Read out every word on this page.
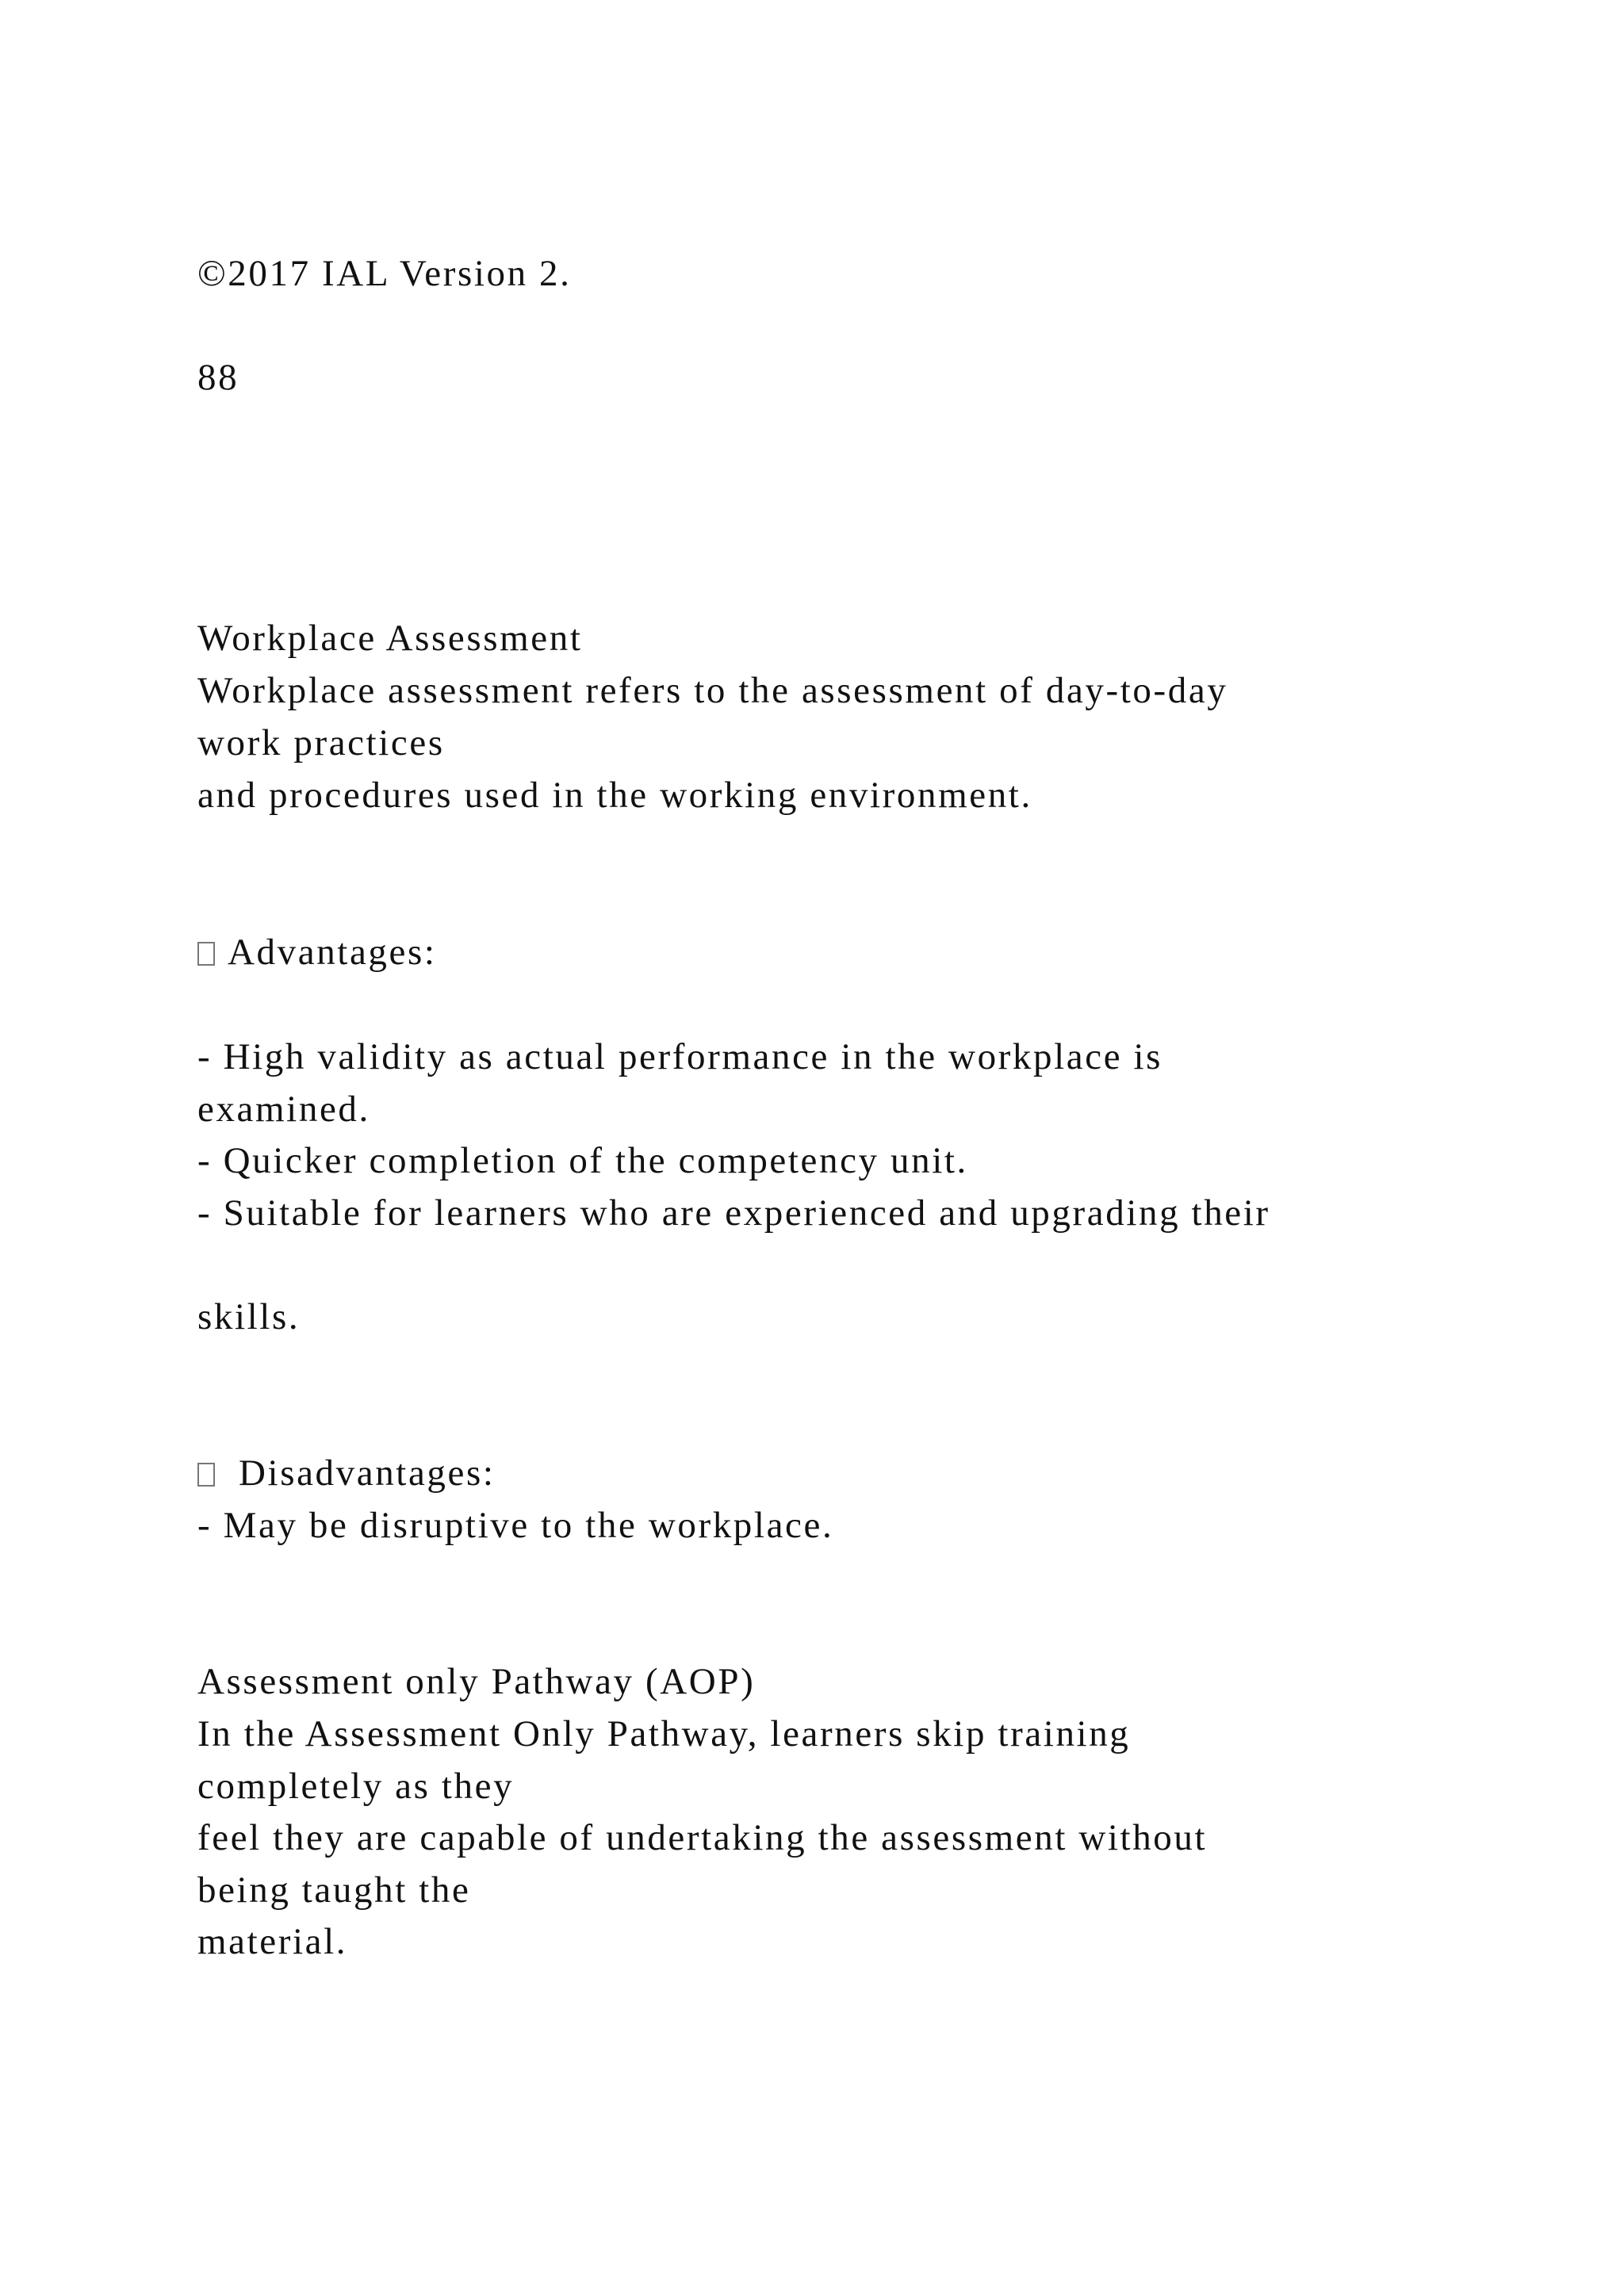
©2017 IAL Version 2.

88

Workplace Assessment

Workplace assessment refers to the assessment of day-to-day

work practices

and procedures used in the working environment.

Advantages:

- High validity as actual performance in the workplace is

examined.

- Quicker completion of the competency unit.

- Suitable for learners who are experienced and upgrading their

skills.

Disadvantages:

- May be disruptive to the workplace.

Assessment only Pathway (AOP)

In the Assessment Only Pathway, learners skip training

completely as they

feel they are capable of undertaking the assessment without

being taught the

material.
